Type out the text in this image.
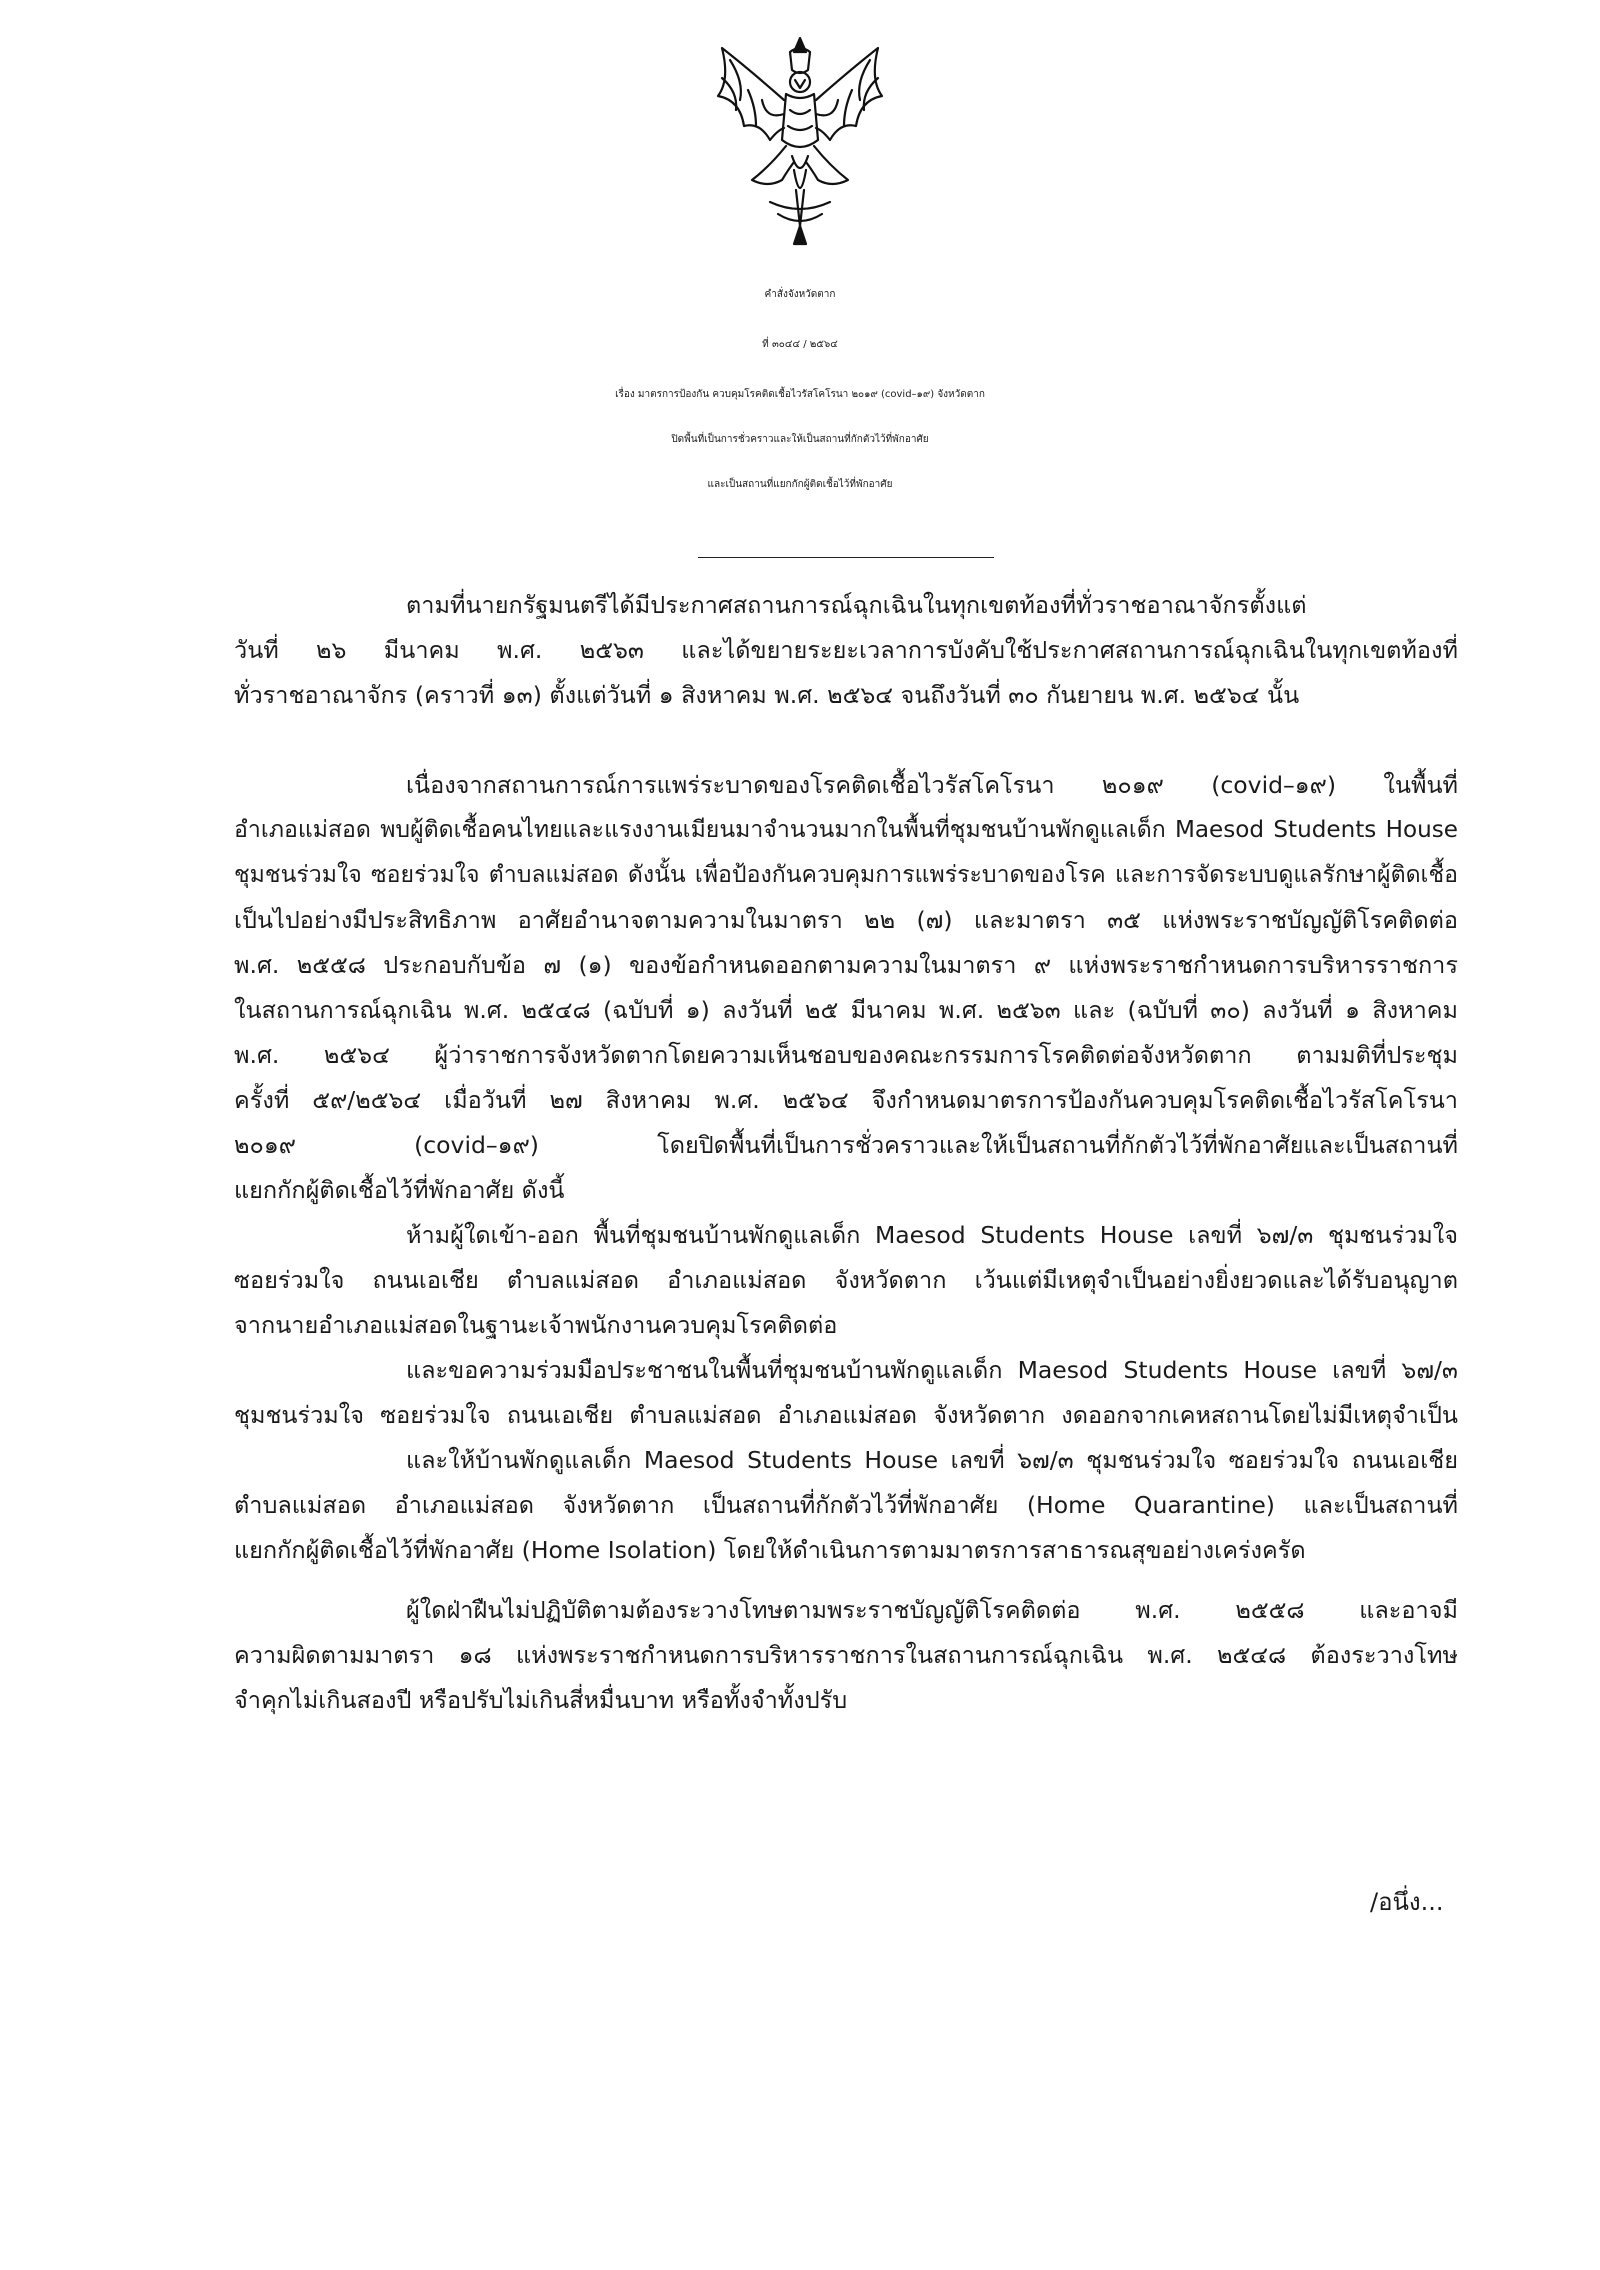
คำสั่งจังหวัดตาก
ที่ ๓๐๔๔ / ๒๕๖๔
เรื่อง มาตรการป้องกัน ควบคุมโรคติดเชื้อไวรัสโคโรนา ๒๐๑๙ (covid–๑๙) จังหวัดตาก
ปิดพื้นที่เป็นการชั่วคราวและให้เป็นสถานที่กักตัวไว้ที่พักอาศัย
และเป็นสถานที่แยกกักผู้ติดเชื้อไว้ที่พักอาศัย
ตามที่นายกรัฐมนตรีได้มีประกาศสถานการณ์ฉุกเฉินในทุกเขตท้องที่ทั่วราชอาณาจักรตั้งแต่
วันที่ ๒๖ มีนาคม พ.ศ. ๒๕๖๓ และได้ขยายระยะเวลาการบังคับใช้ประกาศสถานการณ์ฉุกเฉินในทุกเขตท้องที่
ทั่วราชอาณาจักร (คราวที่ ๑๓) ตั้งแต่วันที่ ๑ สิงหาคม พ.ศ. ๒๕๖๔ จนถึงวันที่ ๓๐ กันยายน พ.ศ. ๒๕๖๔ นั้น
เนื่องจากสถานการณ์การแพร่ระบาดของโรคติดเชื้อไวรัสโคโรนา ๒๐๑๙ (covid–๑๙) ในพื้นที่
อำเภอแม่สอด พบผู้ติดเชื้อคนไทยและแรงงานเมียนมาจำนวนมากในพื้นที่ชุมชนบ้านพักดูแลเด็ก Maesod Students House
ชุมชนร่วมใจ ซอยร่วมใจ ตำบลแม่สอด ดังนั้น เพื่อป้องกันควบคุมการแพร่ระบาดของโรค และการจัดระบบดูแลรักษาผู้ติดเชื้อ
เป็นไปอย่างมีประสิทธิภาพ อาศัยอำนาจตามความในมาตรา ๒๒ (๗) และมาตรา ๓๕ แห่งพระราชบัญญัติโรคติดต่อ
พ.ศ. ๒๕๕๘ ประกอบกับข้อ ๗ (๑) ของข้อกำหนดออกตามความในมาตรา ๙ แห่งพระราชกำหนดการบริหารราชการ
ในสถานการณ์ฉุกเฉิน พ.ศ. ๒๕๔๘ (ฉบับที่ ๑) ลงวันที่ ๒๕ มีนาคม พ.ศ. ๒๕๖๓ และ (ฉบับที่ ๓๐) ลงวันที่ ๑ สิงหาคม
พ.ศ. ๒๕๖๔ ผู้ว่าราชการจังหวัดตากโดยความเห็นชอบของคณะกรรมการโรคติดต่อจังหวัดตาก ตามมติที่ประชุม
ครั้งที่ ๕๙/๒๕๖๔ เมื่อวันที่ ๒๗ สิงหาคม พ.ศ. ๒๕๖๔ จึงกำหนดมาตรการป้องกันควบคุมโรคติดเชื้อไวรัสโคโรนา
๒๐๑๙ (covid–๑๙) โดยปิดพื้นที่เป็นการชั่วคราวและให้เป็นสถานที่กักตัวไว้ที่พักอาศัยและเป็นสถานที่
แยกกักผู้ติดเชื้อไว้ที่พักอาศัย ดังนี้
ห้ามผู้ใดเข้า-ออก พื้นที่ชุมชนบ้านพักดูแลเด็ก Maesod Students House เลขที่ ๖๗/๓ ชุมชนร่วมใจ
ซอยร่วมใจ ถนนเอเชีย ตำบลแม่สอด อำเภอแม่สอด จังหวัดตาก เว้นแต่มีเหตุจำเป็นอย่างยิ่งยวดและได้รับอนุญาต
จากนายอำเภอแม่สอดในฐานะเจ้าพนักงานควบคุมโรคติดต่อ
และขอความร่วมมือประชาชนในพื้นที่ชุมชนบ้านพักดูแลเด็ก Maesod Students House เลขที่ ๖๗/๓
ชุมชนร่วมใจ ซอยร่วมใจ ถนนเอเชีย ตำบลแม่สอด อำเภอแม่สอด จังหวัดตาก งดออกจากเคหสถานโดยไม่มีเหตุจำเป็น
และให้บ้านพักดูแลเด็ก Maesod Students House เลขที่ ๖๗/๓ ชุมชนร่วมใจ ซอยร่วมใจ ถนนเอเชีย
ตำบลแม่สอด อำเภอแม่สอด จังหวัดตาก เป็นสถานที่กักตัวไว้ที่พักอาศัย (Home Quarantine) และเป็นสถานที่
แยกกักผู้ติดเชื้อไว้ที่พักอาศัย (Home Isolation) โดยให้ดำเนินการตามมาตรการสาธารณสุขอย่างเคร่งครัด
ผู้ใดฝ่าฝืนไม่ปฏิบัติตามต้องระวางโทษตามพระราชบัญญัติโรคติดต่อ พ.ศ. ๒๕๕๘ และอาจมี
ความผิดตามมาตรา ๑๘ แห่งพระราชกำหนดการบริหารราชการในสถานการณ์ฉุกเฉิน พ.ศ. ๒๕๔๘ ต้องระวางโทษ
จำคุกไม่เกินสองปี หรือปรับไม่เกินสี่หมื่นบาท หรือทั้งจำทั้งปรับ
/อนึ่ง...
